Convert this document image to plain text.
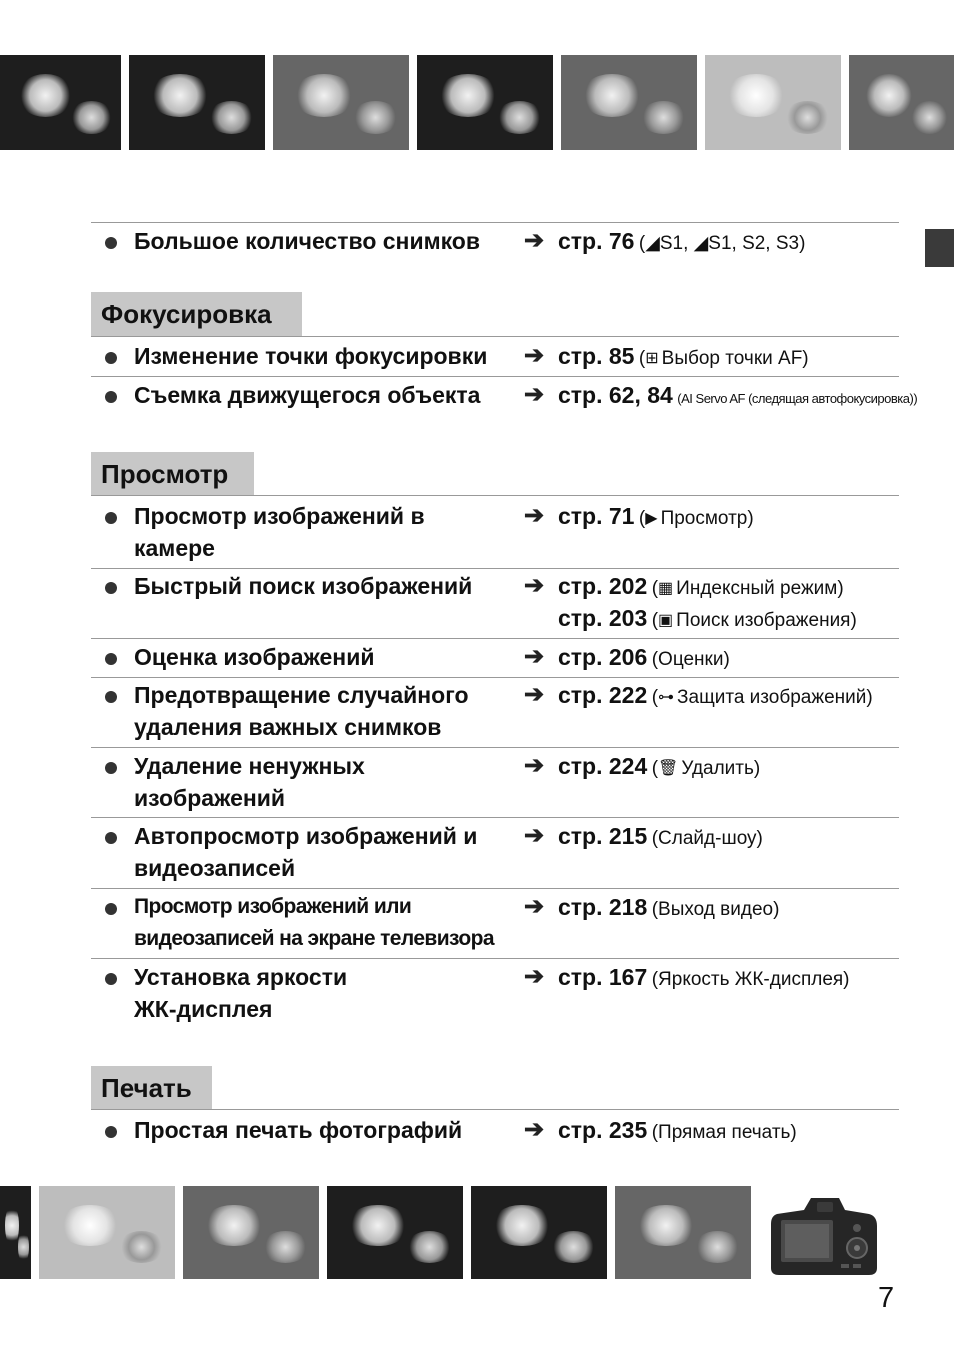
Большое количество снимков ➔ стр. 76 (◢S1, ◢S1, S2, S3)
Фокусировка
Изменение точки фокусировки ➔ стр. 85 (⊞ Выбор точки AF)
Съемка движущегося объекта ➔ стр. 62, 84 (AI Servo AF (следящая автофокусировка))
Просмотр
Просмотр изображений в
камере
➔ стр. 71 (▶ Просмотр)
Быстрый поиск изображений ➔ стр. 202 (▦ Индексный режим)
стр. 203 (▣ Поиск изображения)
Оценка изображений	➔ стр. 206 (Оценки)
Предотвращение случайного
удаления важных снимков
➔ стр. 222 (⊶ Защита изображений)
Удаление ненужных
изображений
➔ стр. 224 (🗑 Удалить)
Автопросмотр изображений и
видеозаписей
➔ стр. 215 (Слайд-шоу)
Просмотр изображений или
видеозаписей на экране телевизора
➔ стр. 218 (Выход видео)
Установка яркости
ЖК-дисплея
➔ стр. 167 (Яркость ЖК-дисплея)
Печать
Простая печать фотографий	➔ стр. 235 (Прямая печать)
7
